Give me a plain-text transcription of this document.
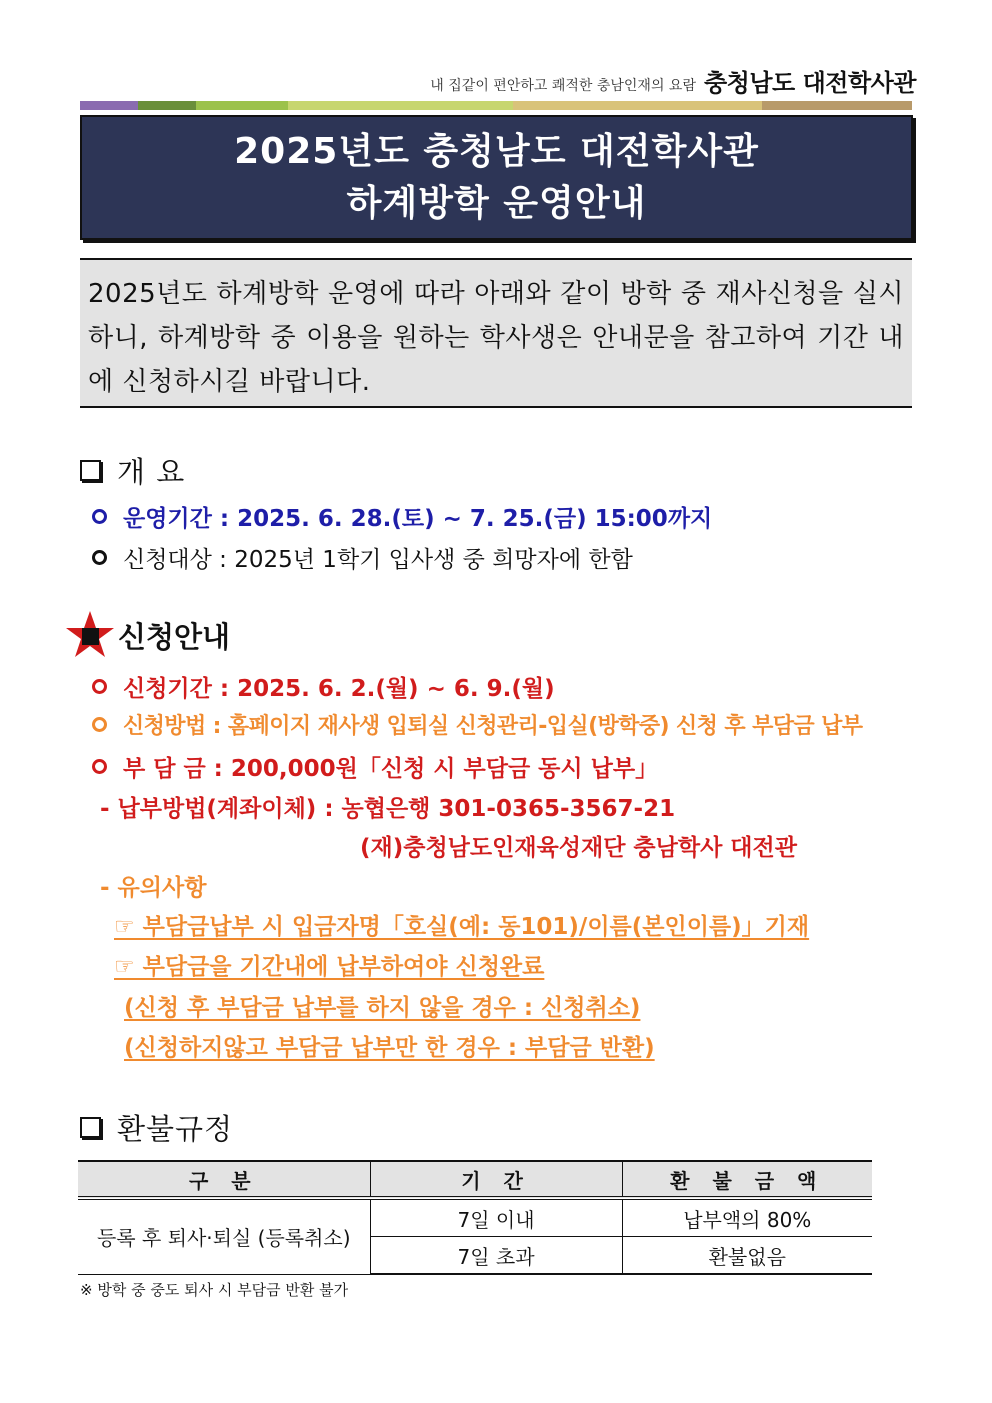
내 집같이 편안하고 쾌적한 충남인재의 요람 충청남도 대전학사관
2025년도 충청남도 대전학사관
하계방학 운영안내
2025년도 하계방학 운영에 따라 아래와 같이 방학 중 재사신청을 실시하니, 하계방학 중 이용을 원하는 학사생은 안내문을 참고하여 기간 내에 신청하시길 바랍니다.
개 요
운영기간 : 2025. 6. 28.(토) ~ 7. 25.(금) 15:00까지
신청대상 : 2025년 1학기 입사생 중 희망자에 한함
신청안내
신청기간 : 2025. 6. 2.(월) ~ 6. 9.(월)
신청방법 : 홈페이지 재사생 입퇴실 신청관리-입실(방학중) 신청 후 부담금 납부
부 담 금 : 200,000원「신청 시 부담금 동시 납부」
- 납부방법(계좌이체) : 농협은행 301-0365-3567-21
(재)충청남도인재육성재단 충남학사 대전관
- 유의사항
☞ 부담금납부 시 입금자명「호실(예: 동101)/이름(본인이름)」기재
☞ 부담금을 기간내에 납부하여야 신청완료
(신청 후 부담금 납부를 하지 않을 경우 : 신청취소)
(신청하지않고 부담금 납부만 한 경우 : 부담금 반환)
환불규정
구 분	기 간	환 불 금 액
등록 후 퇴사·퇴실 (등록취소)	7일 이내	납부액의 80%
	7일 초과	환불없음
※ 방학 중 중도 퇴사 시 부담금 반환 불가
